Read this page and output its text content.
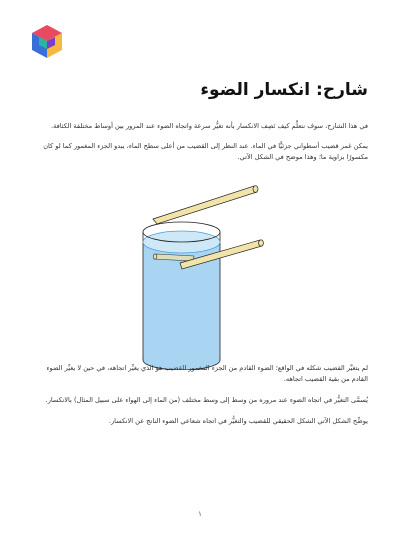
شارح: انكسار الضوء

في هذا الشارح، سوف نتعلَّم كيف نَصِف الانكسار بأنه تغيُّر سرعة واتجاه الضوء عند المرور بين أوساط مختلفة الكثافة.

يمكن غمر قضيب أسطواني جزئيًّا في الماء. عند النظر إلى القضيب من أعلى سطح الماء، يبدو الجزء المغمور كما لو كان مكسورًا بزاوية ما؛ وهذا موضح في الشكل الآتي.

لم يتغيَّر القضيب شكله في الواقع؛ الضوء القادم من الجزء المغمور للقضيب هو الذي يغيِّر اتجاهه، في حين لا يغيِّر الضوء القادم من بقية القضيب اتجاهه.

يُسمَّى التغيُّر في اتجاه الضوء عند مروره من وسط إلى وسط مختلف (من الماء إلى الهواء على سبيل المثال) بالانكسار.

يوضِّح الشكل الآتي الشكل الحقيقي للقضيب والتغيُّر في اتجاه شعاعي الضوء الناتج عن الانكسار.

١
